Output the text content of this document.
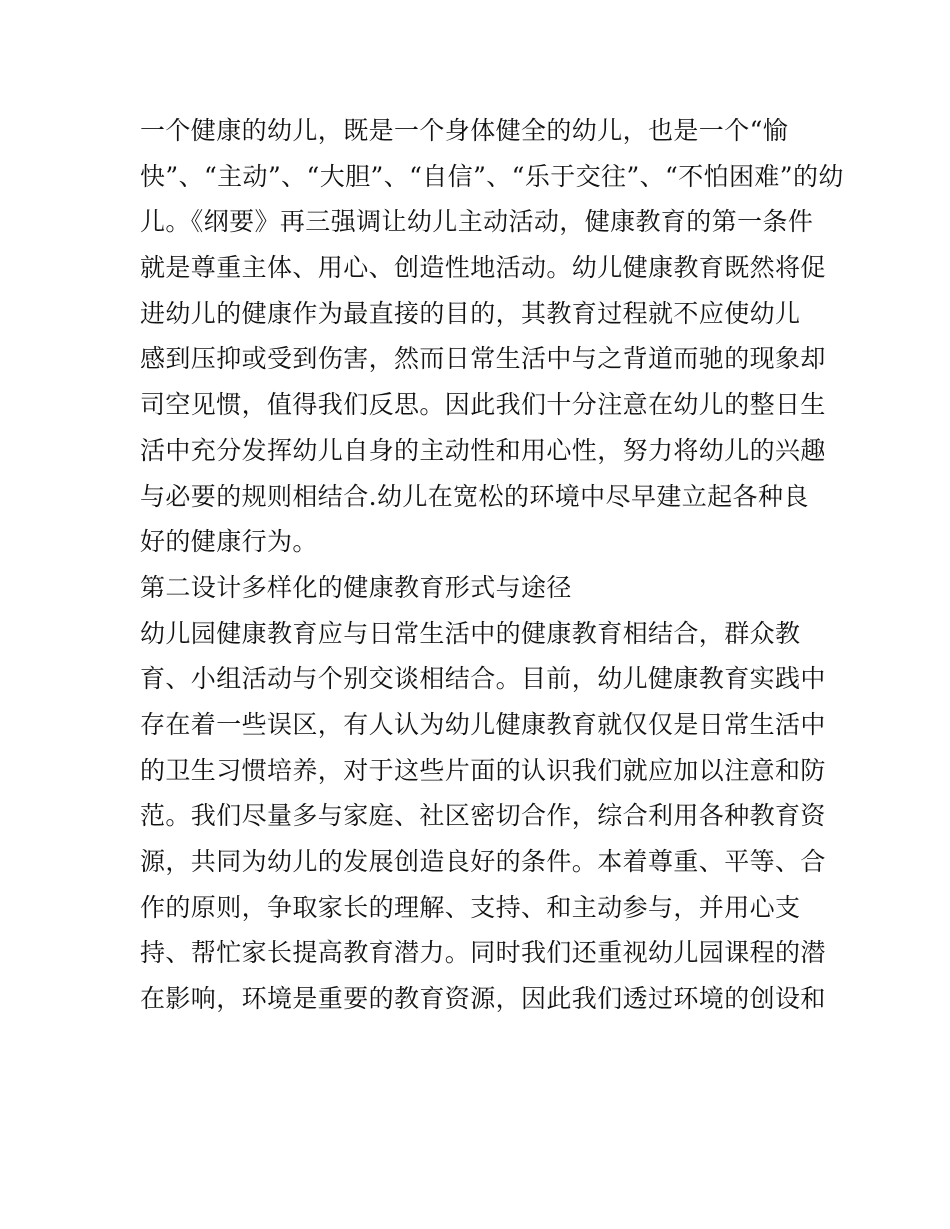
一个健康的幼儿，既是一个身体健全的幼儿，也是一个“愉
快”、“主动”、“大胆”、“自信”、“乐于交往”、“不怕困难”的幼
儿。《纲要》再三强调让幼儿主动活动，健康教育的第一条件
就是尊重主体、用心、创造性地活动。幼儿健康教育既然将促
进幼儿的健康作为最直接的目的，其教育过程就不应使幼儿
感到压抑或受到伤害，然而日常生活中与之背道而驰的现象却
司空见惯，值得我们反思。因此我们十分注意在幼儿的整日生
活中充分发挥幼儿自身的主动性和用心性，努力将幼儿的兴趣
与必要的规则相结合.幼儿在宽松的环境中尽早建立起各种良
好的健康行为。
第二设计多样化的健康教育形式与途径
幼儿园健康教育应与日常生活中的健康教育相结合，群众教
育、小组活动与个别交谈相结合。目前，幼儿健康教育实践中
存在着一些误区，有人认为幼儿健康教育就仅仅是日常生活中
的卫生习惯培养，对于这些片面的认识我们就应加以注意和防
范。我们尽量多与家庭、社区密切合作，综合利用各种教育资
源，共同为幼儿的发展创造良好的条件。本着尊重、平等、合
作的原则，争取家长的理解、支持、和主动参与，并用心支
持、帮忙家长提高教育潜力。同时我们还重视幼儿园课程的潜
在影响，环境是重要的教育资源，因此我们透过环境的创设和
